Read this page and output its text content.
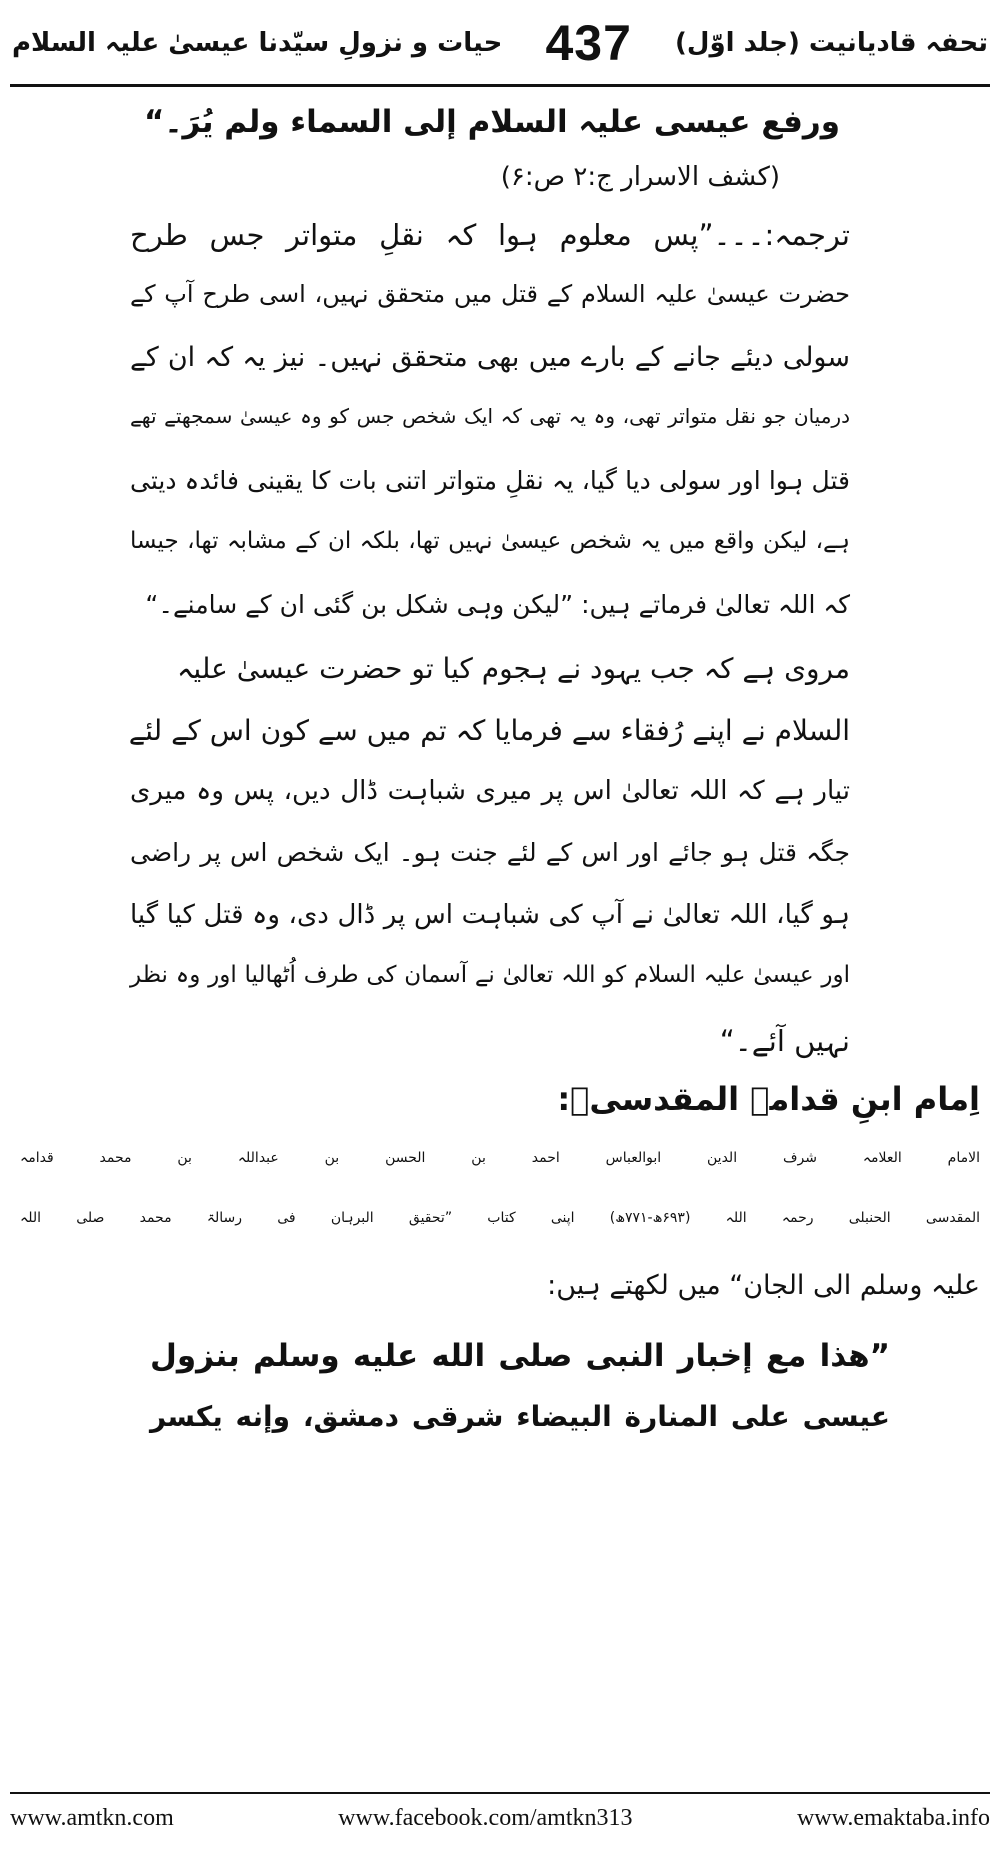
حیات و نزولِ سیّدنا عیسیٰ علیہ السلام 437 تحفہ قادیانیت (جلد اوّل)
ورفع عیسی علیہ السلام إلی السماء ولم یُرَ۔“
(کشف الاسرار ج:۲ ص:۶)
ترجمہ:۔۔۔”پس معلوم ہوا کہ نقلِ متواتر جس طرح
حضرت عیسیٰ علیہ السلام کے قتل میں متحقق نہیں، اسی طرح آپ کے
سولی دیئے جانے کے بارے میں بھی متحقق نہیں۔ نیز یہ کہ ان کے
درمیان جو نقل متواتر تھی، وہ یہ تھی کہ ایک شخص جس کو وہ عیسیٰ سمجھتے تھے
قتل ہوا اور سولی دیا گیا، یہ نقلِ متواتر اتنی بات کا یقینی فائدہ دیتی
ہے، لیکن واقع میں یہ شخص عیسیٰ نہیں تھا، بلکہ ان کے مشابہ تھا، جیسا
کہ اللہ تعالیٰ فرماتے ہیں: ”لیکن وہی شکل بن گئی ان کے سامنے۔“
مروی ہے کہ جب یہود نے ہجوم کیا تو حضرت عیسیٰ علیہ
السلام نے اپنے رُفقاء سے فرمایا کہ تم میں سے کون اس کے لئے
تیار ہے کہ اللہ تعالیٰ اس پر میری شباہت ڈال دیں، پس وہ میری
جگہ قتل ہو جائے اور اس کے لئے جنت ہو۔ ایک شخص اس پر راضی
ہو گیا، اللہ تعالیٰ نے آپ کی شباہت اس پر ڈال دی، وہ قتل کیا گیا
اور عیسیٰ علیہ السلام کو اللہ تعالیٰ نے آسمان کی طرف اُٹھالیا اور وہ نظر
نہیں آئے۔“
اِمام ابنِ قدامہ المقدسیؒ:
الامام العلامہ شرف الدین ابوالعباس احمد بن الحسن بن عبداللہ بن محمد قدامہ
المقدسی الحنبلی رحمہ اللہ (۶۹۳ھ-۷۷۱ھ) اپنی کتاب ”تحقیق البرہان فی رسالۃ محمد صلی اللہ
علیہ وسلم الی الجان“ میں لکھتے ہیں:
”هذا مع إخبار النبی صلی الله علیه وسلم بنزول
عیسی علی المنارة البیضاء شرقی دمشق، وإنه یكسر
www.amtkn.com	www.facebook.com/amtkn313	www.emaktaba.info
